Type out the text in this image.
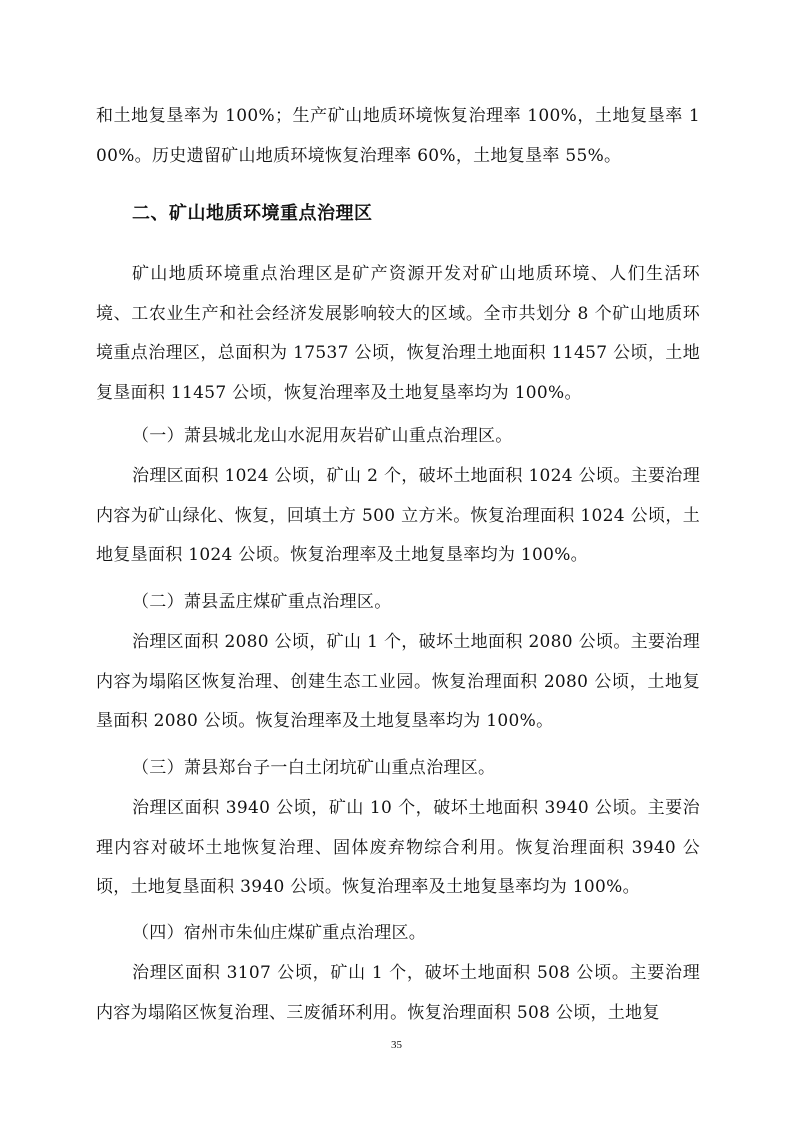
和土地复垦率为 100%；生产矿山地质环境恢复治理率 100%，土地复垦率 100%。历史遗留矿山地质环境恢复治理率 60%，土地复垦率 55%。

二、矿山地质环境重点治理区

矿山地质环境重点治理区是矿产资源开发对矿山地质环境、人们生活环境、工农业生产和社会经济发展影响较大的区域。全市共划分 8 个矿山地质环境重点治理区，总面积为 17537 公顷，恢复治理土地面积 11457 公顷，土地复垦面积 11457 公顷，恢复治理率及土地复垦率均为 100%。

（一）萧县城北龙山水泥用灰岩矿山重点治理区。

治理区面积 1024 公顷，矿山 2 个，破坏土地面积 1024 公顷。主要治理内容为矿山绿化、恢复，回填土方 500 立方米。恢复治理面积 1024 公顷，土地复垦面积 1024 公顷。恢复治理率及土地复垦率均为 100%。

（二）萧县孟庄煤矿重点治理区。

治理区面积 2080 公顷，矿山 1 个，破坏土地面积 2080 公顷。主要治理内容为塌陷区恢复治理、创建生态工业园。恢复治理面积 2080 公顷，土地复垦面积 2080 公顷。恢复治理率及土地复垦率均为 100%。

（三）萧县郑台子一白土闭坑矿山重点治理区。

治理区面积 3940 公顷，矿山 10 个，破坏土地面积 3940 公顷。主要治理内容对破坏土地恢复治理、固体废弃物综合利用。恢复治理面积 3940 公顷，土地复垦面积 3940 公顷。恢复治理率及土地复垦率均为 100%。

（四）宿州市朱仙庄煤矿重点治理区。

治理区面积 3107 公顷，矿山 1 个，破坏土地面积 508 公顷。主要治理内容为塌陷区恢复治理、三废循环利用。恢复治理面积 508 公顷，土地复

35
